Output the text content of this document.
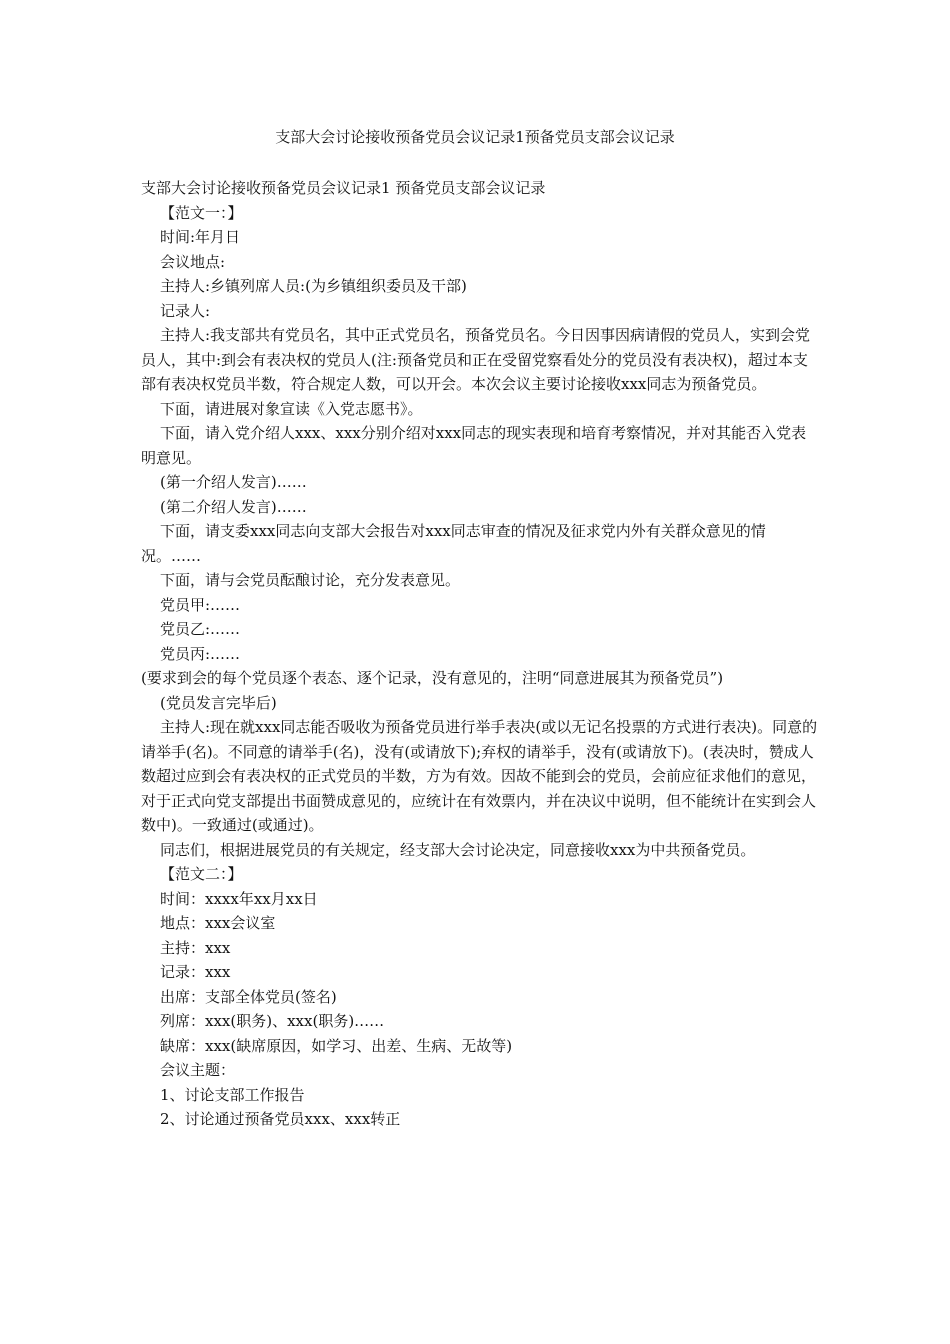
支部大会讨论接收预备党员会议记录1预备党员支部会议记录

支部大会讨论接收预备党员会议记录1 预备党员支部会议记录

【范文一：】

时间:年月日

会议地点:

主持人:乡镇列席人员:(为乡镇组织委员及干部)

记录人:

主持人:我支部共有党员名，其中正式党员名，预备党员名。今日因事因病请假的党员人，实到会党员人，其中:到会有表决权的党员人(注:预备党员和正在受留党察看处分的党员没有表决权)，超过本支部有表决权党员半数，符合规定人数，可以开会。本次会议主要讨论接收xxx同志为预备党员。

下面，请进展对象宣读《入党志愿书》。

下面，请入党介绍人xxx、xxx分别介绍对xxx同志的现实表现和培育考察情况，并对其能否入党表明意见。

(第一介绍人发言)……

(第二介绍人发言)……

下面，请支委xxx同志向支部大会报告对xxx同志审查的情况及征求党内外有关群众意见的情况。……

下面，请与会党员酝酿讨论，充分发表意见。

党员甲:……

党员乙:……

党员丙:……

(要求到会的每个党员逐个表态、逐个记录，没有意见的，注明“同意进展其为预备党员”)

(党员发言完毕后)

主持人:现在就xxx同志能否吸收为预备党员进行举手表决(或以无记名投票的方式进行表决)。同意的请举手(名)。不同意的请举手(名)，没有(或请放下);弃权的请举手，没有(或请放下)。(表决时，赞成人数超过应到会有表决权的正式党员的半数，方为有效。因故不能到会的党员，会前应征求他们的意见，对于正式向党支部提出书面赞成意见的，应统计在有效票内，并在决议中说明，但不能统计在实到会人数中)。一致通过(或通过)。

同志们，根据进展党员的有关规定，经支部大会讨论决定，同意接收xxx为中共预备党员。

【范文二：】

时间：xxxx年xx月xx日

地点：xxx会议室

主持：xxx

记录：xxx

出席：支部全体党员(签名)

列席：xxx(职务)、xxx(职务)……

缺席：xxx(缺席原因，如学习、出差、生病、无故等)

会议主题：

1、讨论支部工作报告

2、讨论通过预备党员xxx、xxx转正
